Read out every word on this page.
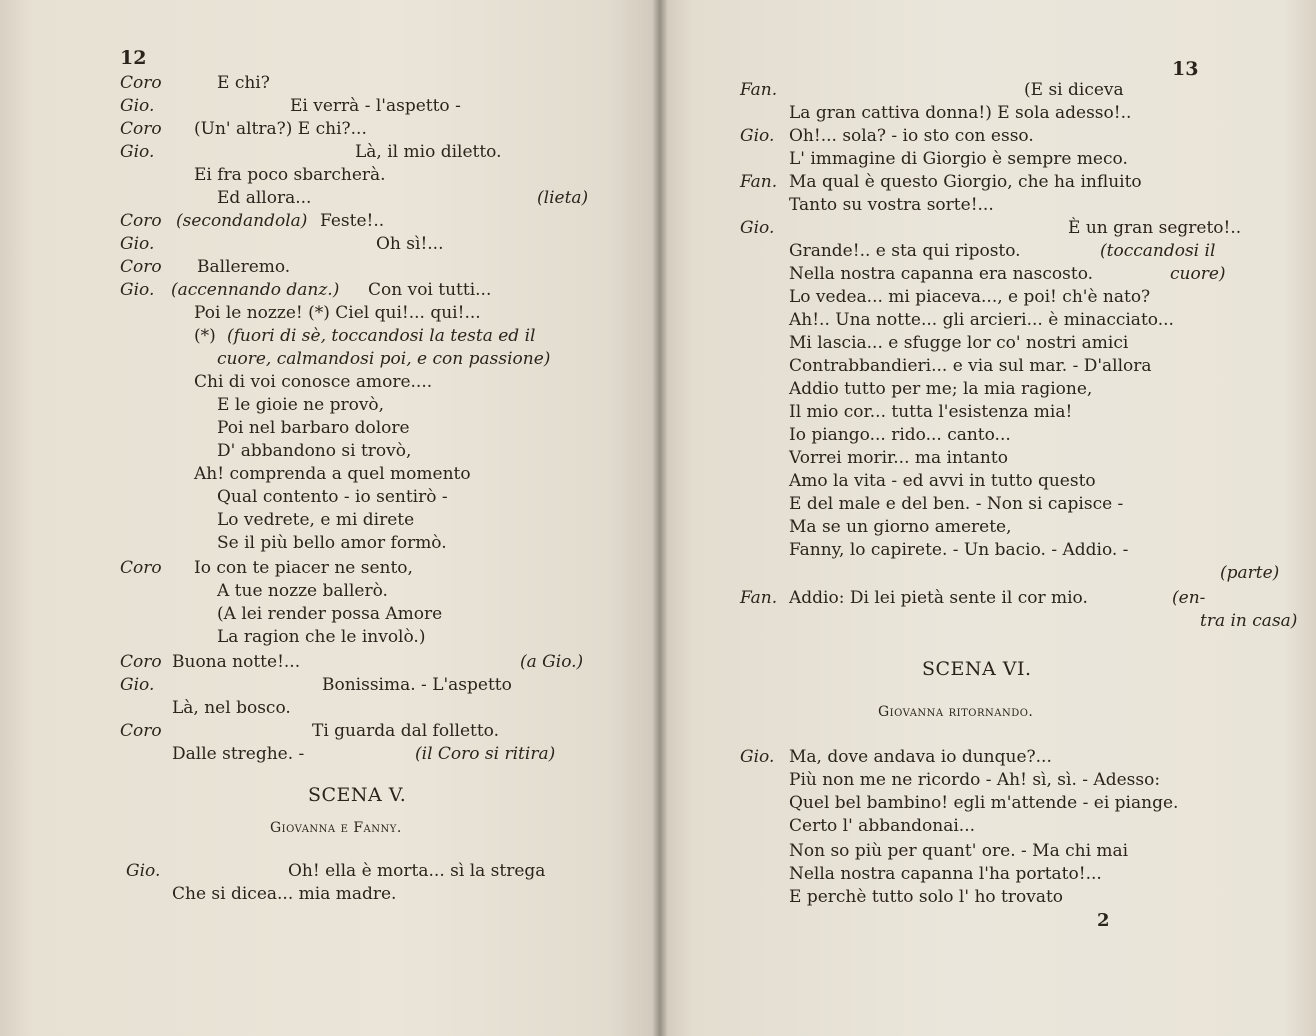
12
Coro	E chi?
Gio.	Ei verrà - l'aspetto -
Coro (Un' altra?) E chi?...
Gio.	Là, il mio diletto.
Ei fra poco sbarcherà.
Ed allora...	(lieta)
Coro (secondandola) Feste!..
Gio.	Oh sì!...
Coro Balleremo.
Gio. (accennando danz.) Con voi tutti...
Poi le nozze! (*) Ciel qui!... qui!...
(*) (fuori di sè, toccandosi la testa ed il
cuore, calmandosi poi, e con passione)
Chi di voi conosce amore....
E le gioie ne provò,
Poi nel barbaro dolore
D' abbandono si trovò,
Ah! comprenda a quel momento
Qual contento - io sentirò -
Lo vedrete, e mi direte
Se il più bello amor formò.
Coro Io con te piacer ne sento,
A tue nozze ballerò.
(A lei render possa Amore
La ragion che le involò.)
Coro Buona notte!...	(a Gio.)
Gio.	Bonissima. - L'aspetto
Là, nel bosco.
Coro	Ti guarda dal folletto.
Dalle streghe. -	(il Coro si ritira)
SCENA V.
Giovanna e Fanny.
Gio.	Oh! ella è morta... sì la strega
Che si dicea... mia madre.
13
Fan.	(E si diceva
La gran cattiva donna!) E sola adesso!..
Gio. Oh!... sola? - io sto con esso.
L' immagine di Giorgio è sempre meco.
Fan. Ma qual è questo Giorgio, che ha influito
Tanto su vostra sorte!...
Gio.	È un gran segreto!..
Grande!.. e sta qui riposto.	(toccandosi il
Nella nostra capanna era nascosto.	cuore)
Lo vedea... mi piaceva..., e poi! ch'è nato?
Ah!.. Una notte... gli arcieri... è minacciato...
Mi lascia... e sfugge lor co' nostri amici
Contrabbandieri... e via sul mar. - D'allora
Addio tutto per me; la mia ragione,
Il mio cor... tutta l'esistenza mia!
Io piango... rido... canto...
Vorrei morir... ma intanto
Amo la vita - ed avvi in tutto questo
E del male e del ben. - Non si capisce -
Ma se un giorno amerete,
Fanny, lo capirete. - Un bacio. - Addio. -
(parte)
Fan. Addio: Di lei pietà sente il cor mio.	(en-
tra in casa)
SCENA VI.
Giovanna ritornando.
Gio. Ma, dove andava io dunque?...
Più non me ne ricordo - Ah! sì, sì. - Adesso:
Quel bel bambino! egli m'attende - ei piange.
Certo l' abbandonai...
Non so più per quant' ore. - Ma chi mai
Nella nostra capanna l'ha portato!...
E perchè tutto solo l' ho trovato
2
